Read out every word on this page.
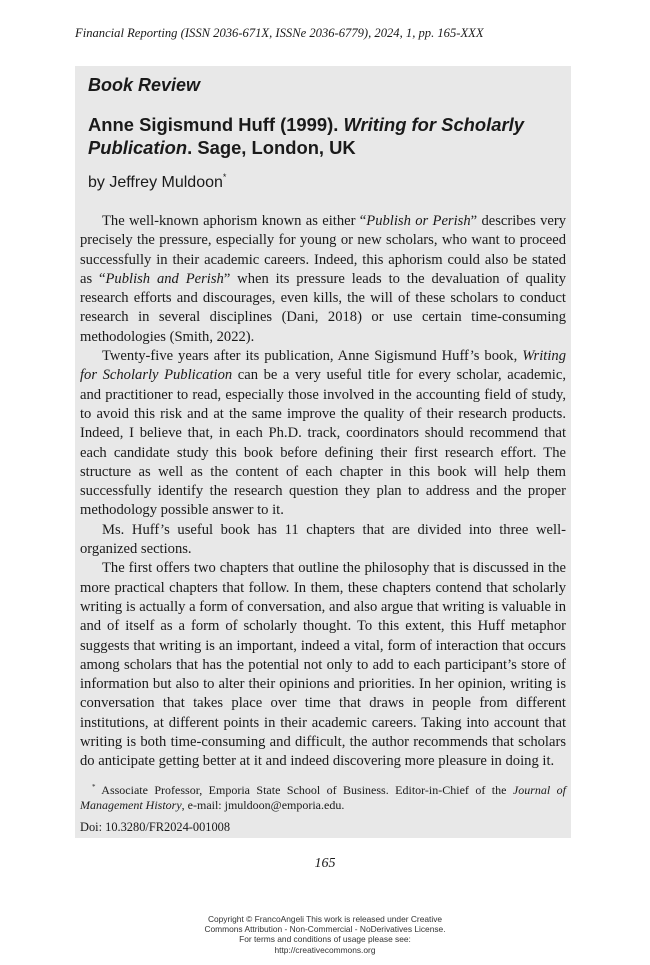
Financial Reporting (ISSN 2036-671X, ISSNe 2036-6779), 2024, 1, pp. 165-XXX
Book Review
Anne Sigismund Huff (1999). Writing for Scholarly Publication. Sage, London, UK
by Jeffrey Muldoon*

The well-known aphorism known as either “Publish or Perish” describes very precisely the pressure, especially for young or new scholars, who want to proceed successfully in their academic careers. Indeed, this aphorism could also be stated as “Publish and Perish” when its pressure leads to the devaluation of quality research efforts and discourages, even kills, the will of these scholars to conduct research in several disciplines (Dani, 2018) or use certain time-consuming methodologies (Smith, 2022).

Twenty-five years after its publication, Anne Sigismund Huff’s book, Writing for Scholarly Publication can be a very useful title for every scholar, academic, and practitioner to read, especially those involved in the accounting field of study, to avoid this risk and at the same improve the quality of their research products. Indeed, I believe that, in each Ph.D. track, coordinators should recommend that each candidate study this book before defining their first research effort. The structure as well as the content of each chapter in this book will help them successfully identify the research question they plan to address and the proper methodology possible answer to it.

Ms. Huff’s useful book has 11 chapters that are divided into three well-organized sections.

The first offers two chapters that outline the philosophy that is discussed in the more practical chapters that follow. In them, these chapters contend that scholarly writing is actually a form of conversation, and also argue that writing is valuable in and of itself as a form of scholarly thought. To this extent, this Huff metaphor suggests that writing is an important, indeed a vital, form of interaction that occurs among scholars that has the potential not only to add to each participant’s store of information but also to alter their opinions and priorities. In her opinion, writing is conversation that takes place over time that draws in people from different institutions, at different points in their academic careers. Taking into account that writing is both time-consuming and difficult, the author recommends that scholars do anticipate getting better at it and indeed discovering more pleasure in doing it.

* Associate Professor, Emporia State School of Business. Editor-in-Chief of the Journal of Management History, e-mail: jmuldoon@emporia.edu.

Doi: 10.3280/FR2024-001008
165
Copyright © FrancoAngeli This work is released under Creative
Commons Attribution - Non-Commercial - NoDerivatives License.
For terms and conditions of usage please see:
http://creativecommons.org
